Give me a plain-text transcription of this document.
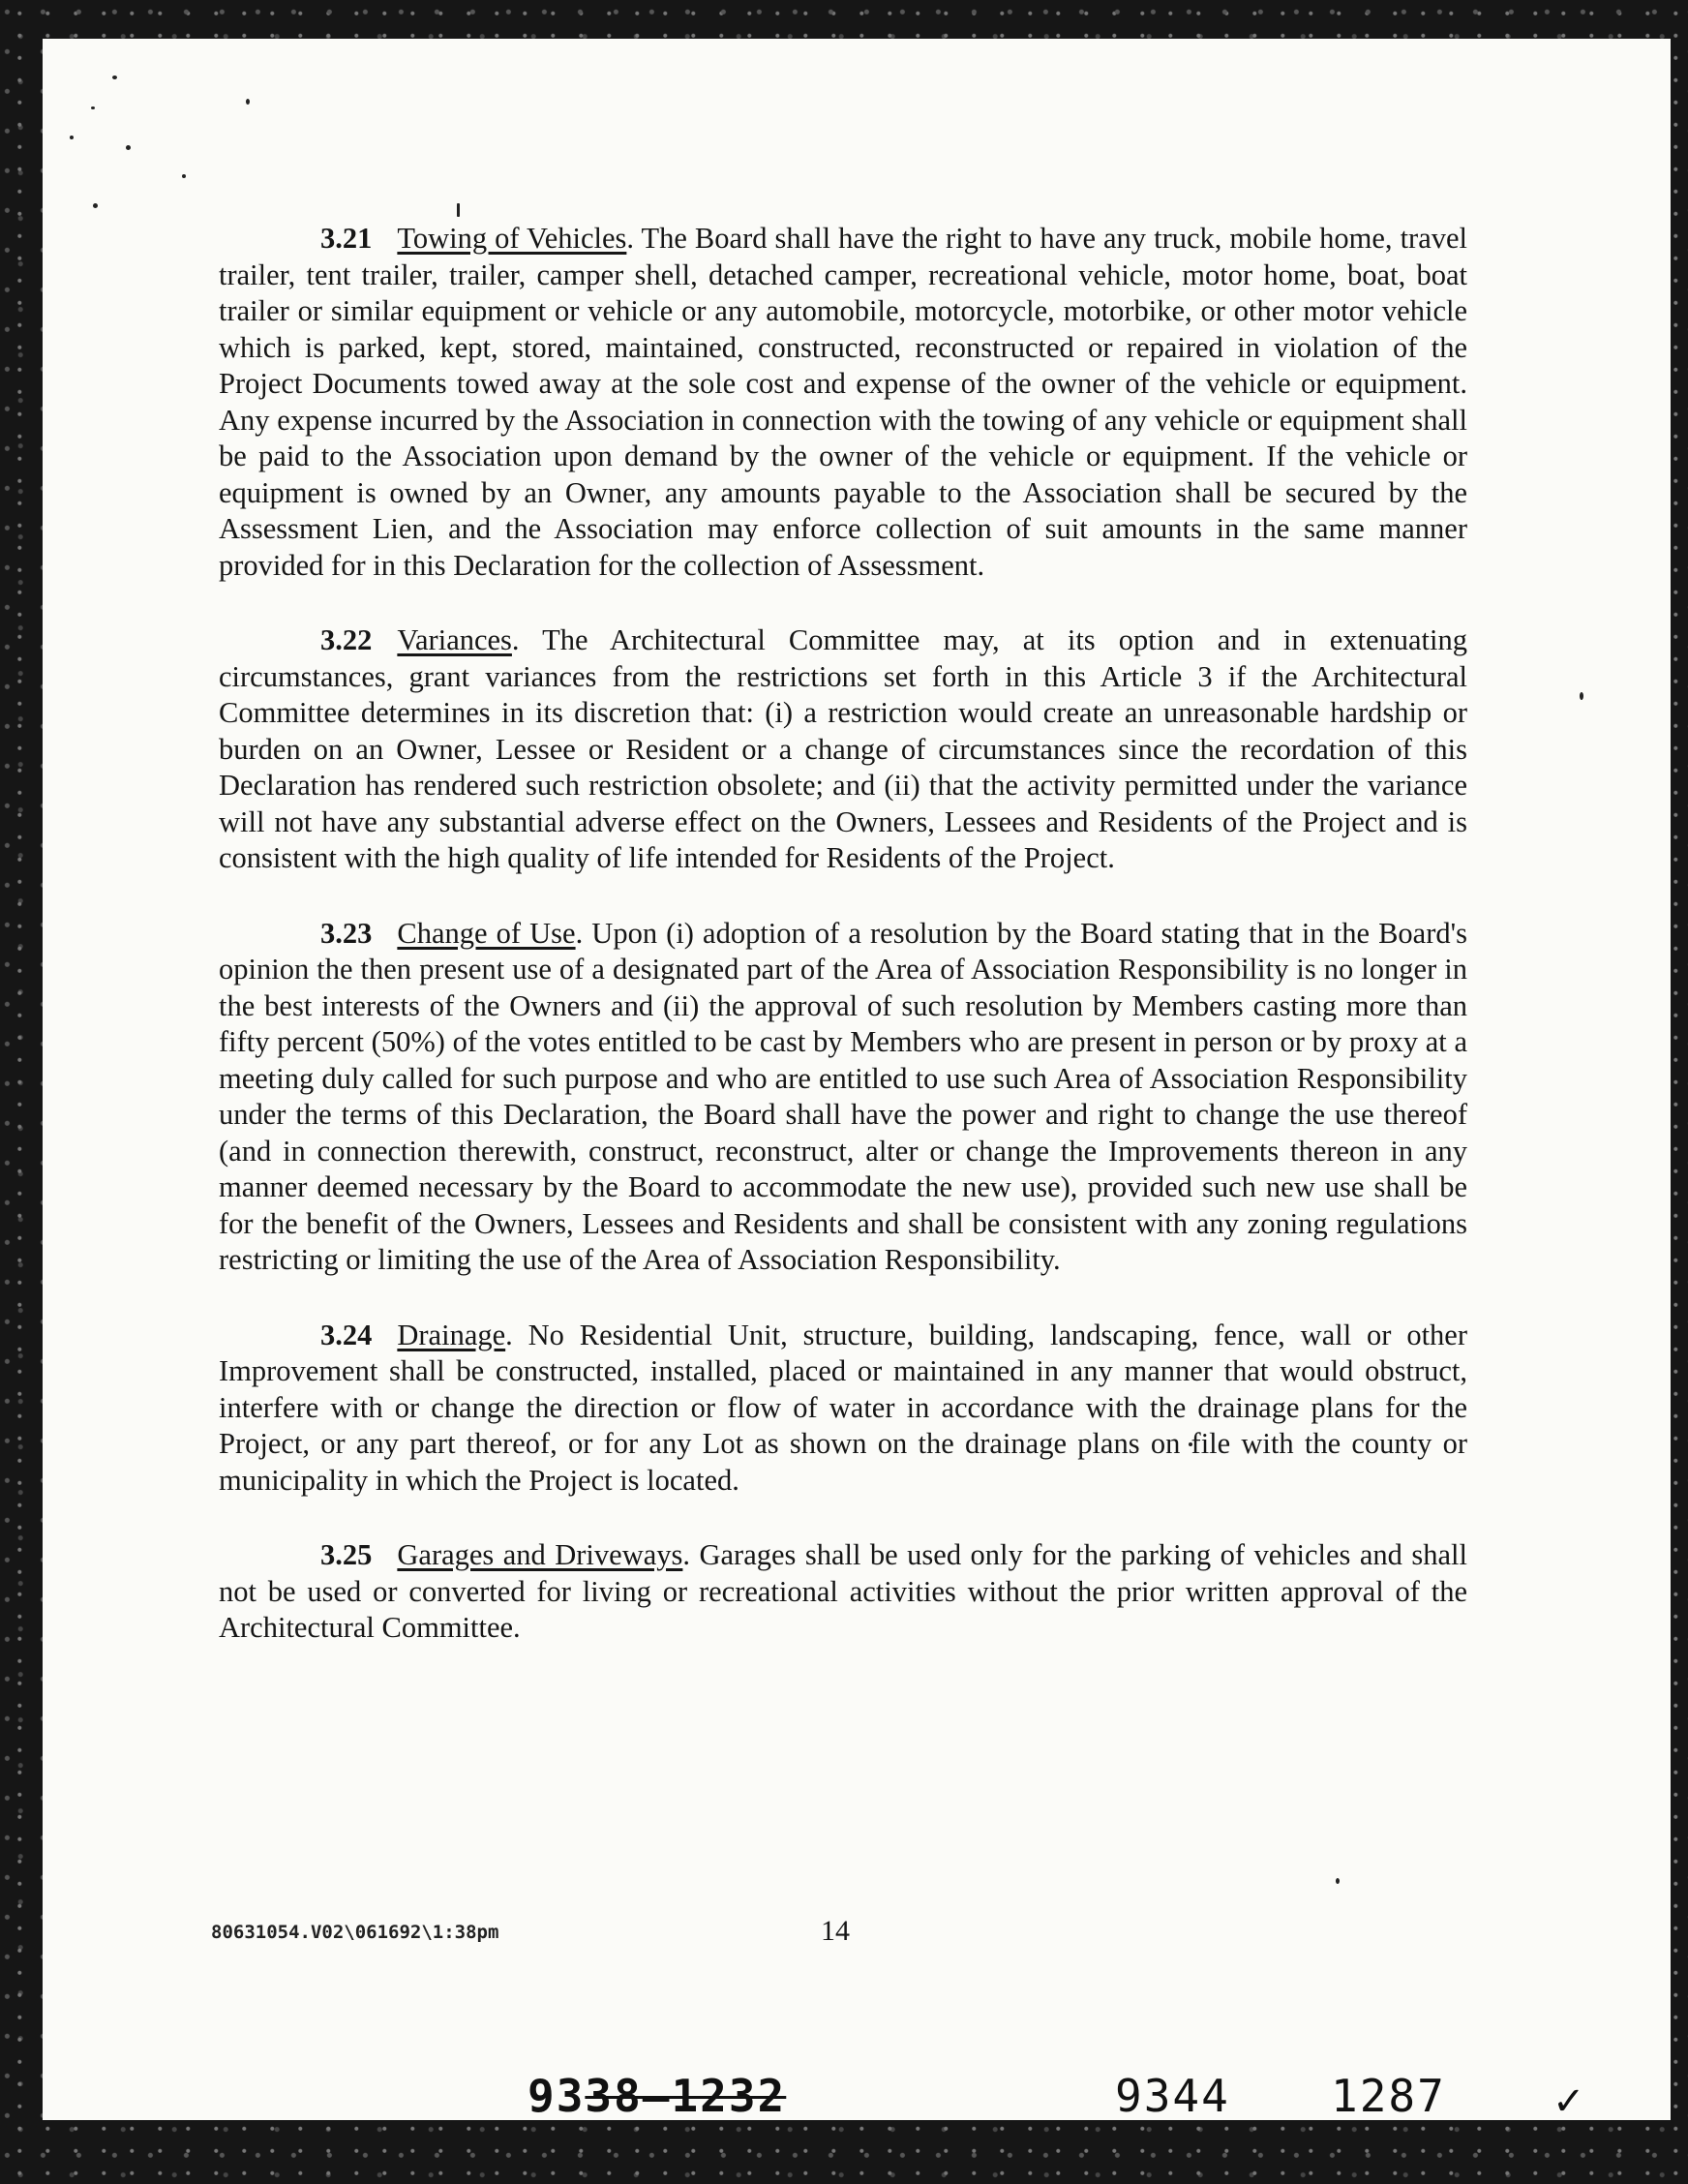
3.21 Towing of Vehicles. The Board shall have the right to have any truck, mobile home, travel trailer, tent trailer, trailer, camper shell, detached camper, recreational vehicle, motor home, boat, boat trailer or similar equipment or vehicle or any automobile, motorcycle, motorbike, or other motor vehicle which is parked, kept, stored, maintained, constructed, reconstructed or repaired in violation of the Project Documents towed away at the sole cost and expense of the owner of the vehicle or equipment. Any expense incurred by the Association in connection with the towing of any vehicle or equipment shall be paid to the Association upon demand by the owner of the vehicle or equipment. If the vehicle or equipment is owned by an Owner, any amounts payable to the Association shall be secured by the Assessment Lien, and the Association may enforce collection of suit amounts in the same manner provided for in this Declaration for the collection of Assessment.

3.22 Variances. The Architectural Committee may, at its option and in extenuating circumstances, grant variances from the restrictions set forth in this Article 3 if the Architectural Committee determines in its discretion that: (i) a restriction would create an unreasonable hardship or burden on an Owner, Lessee or Resident or a change of circumstances since the recordation of this Declaration has rendered such restriction obsolete; and (ii) that the activity permitted under the variance will not have any substantial adverse effect on the Owners, Lessees and Residents of the Project and is consistent with the high quality of life intended for Residents of the Project.

3.23 Change of Use. Upon (i) adoption of a resolution by the Board stating that in the Board's opinion the then present use of a designated part of the Area of Association Responsibility is no longer in the best interests of the Owners and (ii) the approval of such resolution by Members casting more than fifty percent (50%) of the votes entitled to be cast by Members who are present in person or by proxy at a meeting duly called for such purpose and who are entitled to use such Area of Association Responsibility under the terms of this Declaration, the Board shall have the power and right to change the use thereof (and in connection therewith, construct, reconstruct, alter or change the Improvements thereon in any manner deemed necessary by the Board to accommodate the new use), provided such new use shall be for the benefit of the Owners, Lessees and Residents and shall be consistent with any zoning regulations restricting or limiting the use of the Area of Association Responsibility.

3.24 Drainage. No Residential Unit, structure, building, landscaping, fence, wall or other Improvement shall be constructed, installed, placed or maintained in any manner that would obstruct, interfere with or change the direction or flow of water in accordance with the drainage plans for the Project, or any part thereof, or for any Lot as shown on the drainage plans on file with the county or municipality in which the Project is located.

3.25 Garages and Driveways. Garages shall be used only for the parking of vehicles and shall not be used or converted for living or recreational activities without the prior written approval of the Architectural Committee.

80631054.V02\061692\1:38pm	14
9338—1232	9344 1287	✓
